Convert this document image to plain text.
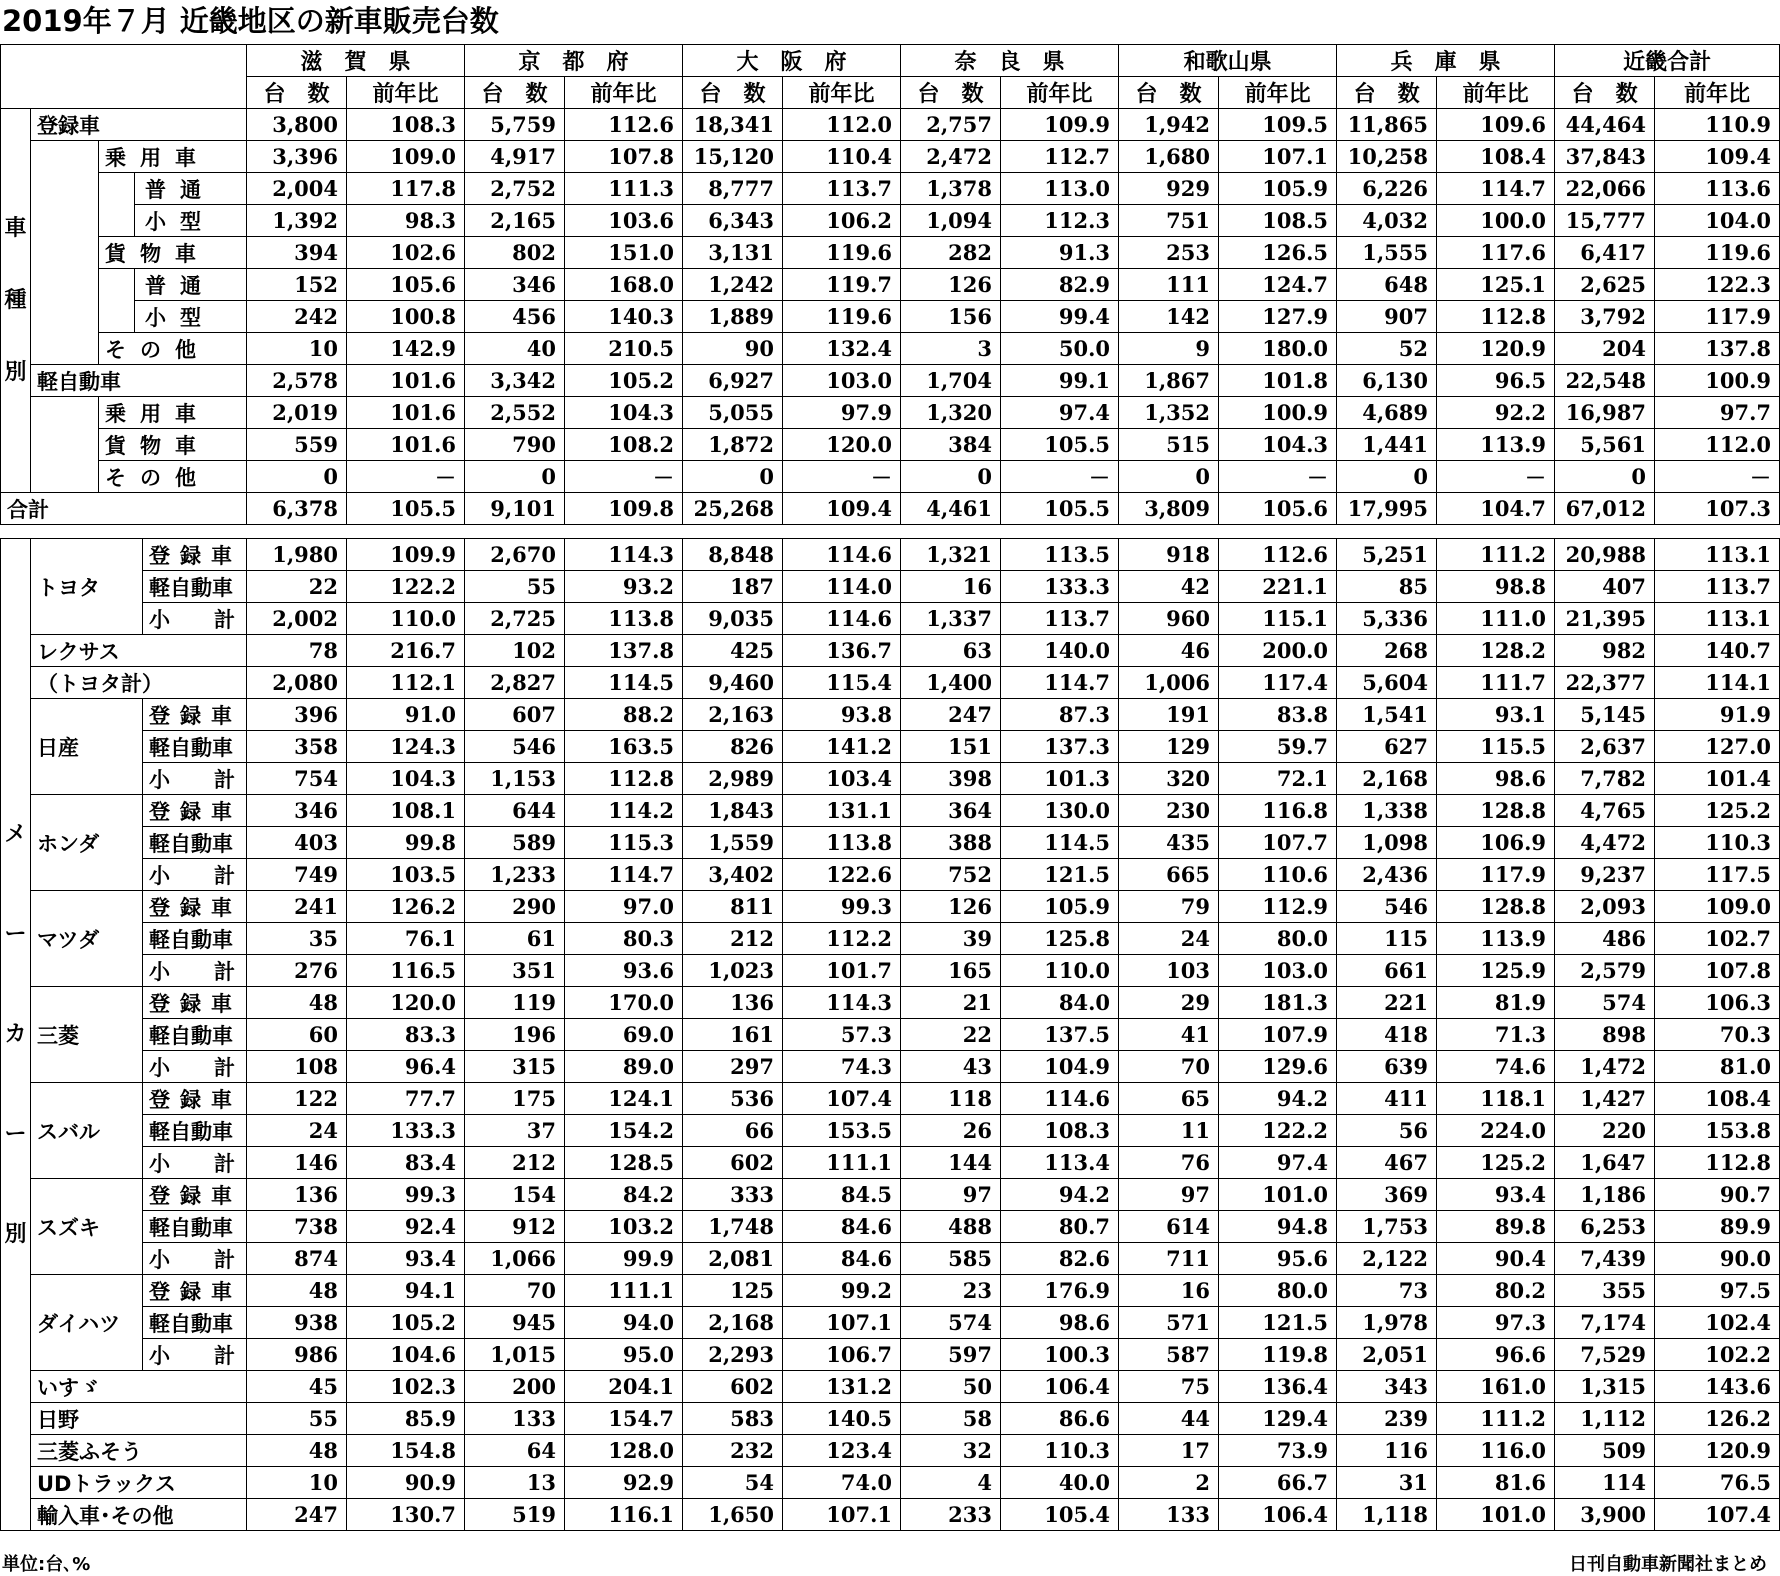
2019年７月 近畿地区の新車販売台数
	滋　賀　県		京　都　府		大　阪　府		奈　良　県		和歌山県		兵　庫　県		近畿合計	
	台　数	前年比	台　数	前年比	台　数	前年比	台　数	前年比	台　数	前年比	台　数	前年比	台　数	前年比
車
種
別	登録車			3,800	108.3	5,759	112.6	18,341	112.0	2,757	109.9	1,942	109.5	11,865	109.6	44,464	110.9
		乗用車		3,396	109.0	4,917	107.8	15,120	110.4	2,472	112.7	1,680	107.1	10,258	108.4	37,843	109.4
			普通	2,004	117.8	2,752	111.3	8,777	113.7	1,378	113.0	929	105.9	6,226	114.7	22,066	113.6
			小型	1,392	98.3	2,165	103.6	6,343	106.2	1,094	112.3	751	108.5	4,032	100.0	15,777	104.0
		貨物車		394	102.6	802	151.0	3,131	119.6	282	91.3	253	126.5	1,555	117.6	6,417	119.6
			普通	152	105.6	346	168.0	1,242	119.7	126	82.9	111	124.7	648	125.1	2,625	122.3
			小型	242	100.8	456	140.3	1,889	119.6	156	99.4	142	127.9	907	112.8	3,792	117.9
		その他		10	142.9	40	210.5	90	132.4	3	50.0	9	180.0	52	120.9	204	137.8
	軽自動車			2,578	101.6	3,342	105.2	6,927	103.0	1,704	99.1	1,867	101.8	6,130	96.5	22,548	100.9
		乗用車		2,019	101.6	2,552	104.3	5,055	97.9	1,320	97.4	1,352	100.9	4,689	92.2	16,987	97.7
		貨物車		559	101.6	790	108.2	1,872	120.0	384	105.5	515	104.3	1,441	113.9	5,561	112.0
		その他		0	－	0	－	0	－	0	－	0	－	0	－	0	－
合計				6,378	105.5	9,101	109.8	25,268	109.4	4,461	105.5	3,809	105.6	17,995	104.7	67,012	107.3
メ
ー
カ
ー
別	トヨタ	登録車	1,980	109.9	2,670	114.3	8,848	114.6	1,321	113.5	918	112.6	5,251	111.2	20,988	113.1
		軽自動車	22	122.2	55	93.2	187	114.0	16	133.3	42	221.1	85	98.8	407	113.7
		小計	2,002	110.0	2,725	113.8	9,035	114.6	1,337	113.7	960	115.1	5,336	111.0	21,395	113.1
	レクサス		78	216.7	102	137.8	425	136.7	63	140.0	46	200.0	268	128.2	982	140.7
	（トヨタ計）		2,080	112.1	2,827	114.5	9,460	115.4	1,400	114.7	1,006	117.4	5,604	111.7	22,377	114.1
	日産	登録車	396	91.0	607	88.2	2,163	93.8	247	87.3	191	83.8	1,541	93.1	5,145	91.9
		軽自動車	358	124.3	546	163.5	826	141.2	151	137.3	129	59.7	627	115.5	2,637	127.0
		小計	754	104.3	1,153	112.8	2,989	103.4	398	101.3	320	72.1	2,168	98.6	7,782	101.4
	ホンダ	登録車	346	108.1	644	114.2	1,843	131.1	364	130.0	230	116.8	1,338	128.8	4,765	125.2
		軽自動車	403	99.8	589	115.3	1,559	113.8	388	114.5	435	107.7	1,098	106.9	4,472	110.3
		小計	749	103.5	1,233	114.7	3,402	122.6	752	121.5	665	110.6	2,436	117.9	9,237	117.5
	マツダ	登録車	241	126.2	290	97.0	811	99.3	126	105.9	79	112.9	546	128.8	2,093	109.0
		軽自動車	35	76.1	61	80.3	212	112.2	39	125.8	24	80.0	115	113.9	486	102.7
		小計	276	116.5	351	93.6	1,023	101.7	165	110.0	103	103.0	661	125.9	2,579	107.8
	三菱	登録車	48	120.0	119	170.0	136	114.3	21	84.0	29	181.3	221	81.9	574	106.3
		軽自動車	60	83.3	196	69.0	161	57.3	22	137.5	41	107.9	418	71.3	898	70.3
		小計	108	96.4	315	89.0	297	74.3	43	104.9	70	129.6	639	74.6	1,472	81.0
	スバル	登録車	122	77.7	175	124.1	536	107.4	118	114.6	65	94.2	411	118.1	1,427	108.4
		軽自動車	24	133.3	37	154.2	66	153.5	26	108.3	11	122.2	56	224.0	220	153.8
		小計	146	83.4	212	128.5	602	111.1	144	113.4	76	97.4	467	125.2	1,647	112.8
	スズキ	登録車	136	99.3	154	84.2	333	84.5	97	94.2	97	101.0	369	93.4	1,186	90.7
		軽自動車	738	92.4	912	103.2	1,748	84.6	488	80.7	614	94.8	1,753	89.8	6,253	89.9
		小計	874	93.4	1,066	99.9	2,081	84.6	585	82.6	711	95.6	2,122	90.4	7,439	90.0
	ダイハツ	登録車	48	94.1	70	111.1	125	99.2	23	176.9	16	80.0	73	80.2	355	97.5
		軽自動車	938	105.2	945	94.0	2,168	107.1	574	98.6	571	121.5	1,978	97.3	7,174	102.4
		小計	986	104.6	1,015	95.0	2,293	106.7	597	100.3	587	119.8	2,051	96.6	7,529	102.2
	いすゞ		45	102.3	200	204.1	602	131.2	50	106.4	75	136.4	343	161.0	1,315	143.6
	日野		55	85.9	133	154.7	583	140.5	58	86.6	44	129.4	239	111.2	1,112	126.2
	三菱ふそう		48	154.8	64	128.0	232	123.4	32	110.3	17	73.9	116	116.0	509	120.9
	UDトラックス		10	90.9	13	92.9	54	74.0	4	40.0	2	66.7	31	81.6	114	76.5
	輸入車･その他		247	130.7	519	116.1	1,650	107.1	233	105.4	133	106.4	1,118	101.0	3,900	107.4
単位:台､%	日刊自動車新聞社まとめ
